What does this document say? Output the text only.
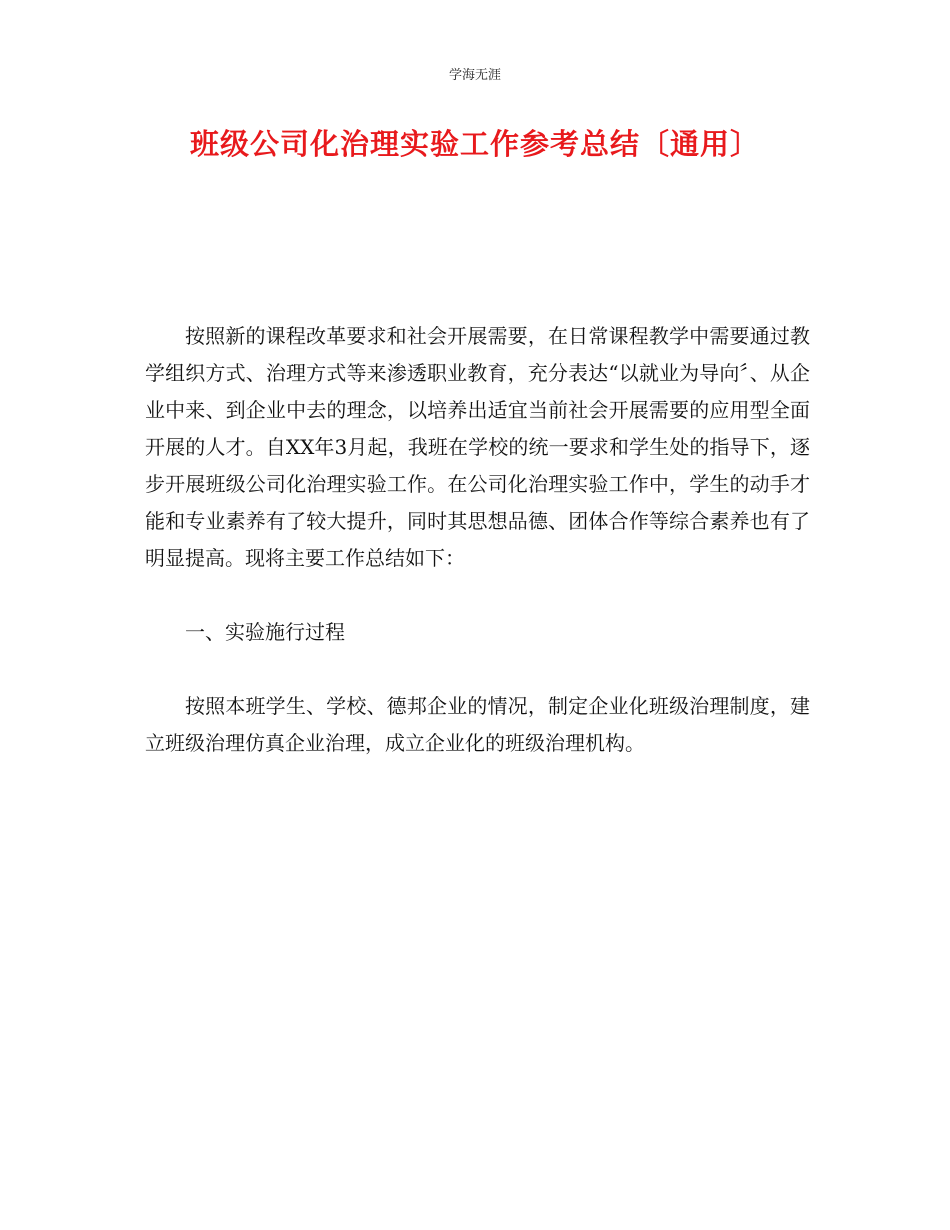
学海无涯
班级公司化治理实验工作参考总结〔通用〕

按照新的课程改革要求和社会开展需要，在日常课程教学中需要通过教学组织方式、治理方式等来渗透职业教育，充分表达“以就业为导向〞、从企业中来、到企业中去的理念，以培养出适宜当前社会开展需要的应用型全面开展的人才。自XX年3月起，我班在学校的统一要求和学生处的指导下，逐步开展班级公司化治理实验工作。在公司化治理实验工作中，学生的动手才能和专业素养有了较大提升，同时其思想品德、团体合作等综合素养也有了明显提高。现将主要工作总结如下：

一、实验施行过程

按照本班学生、学校、德邦企业的情况，制定企业化班级治理制度，建立班级治理仿真企业治理，成立企业化的班级治理机构。
